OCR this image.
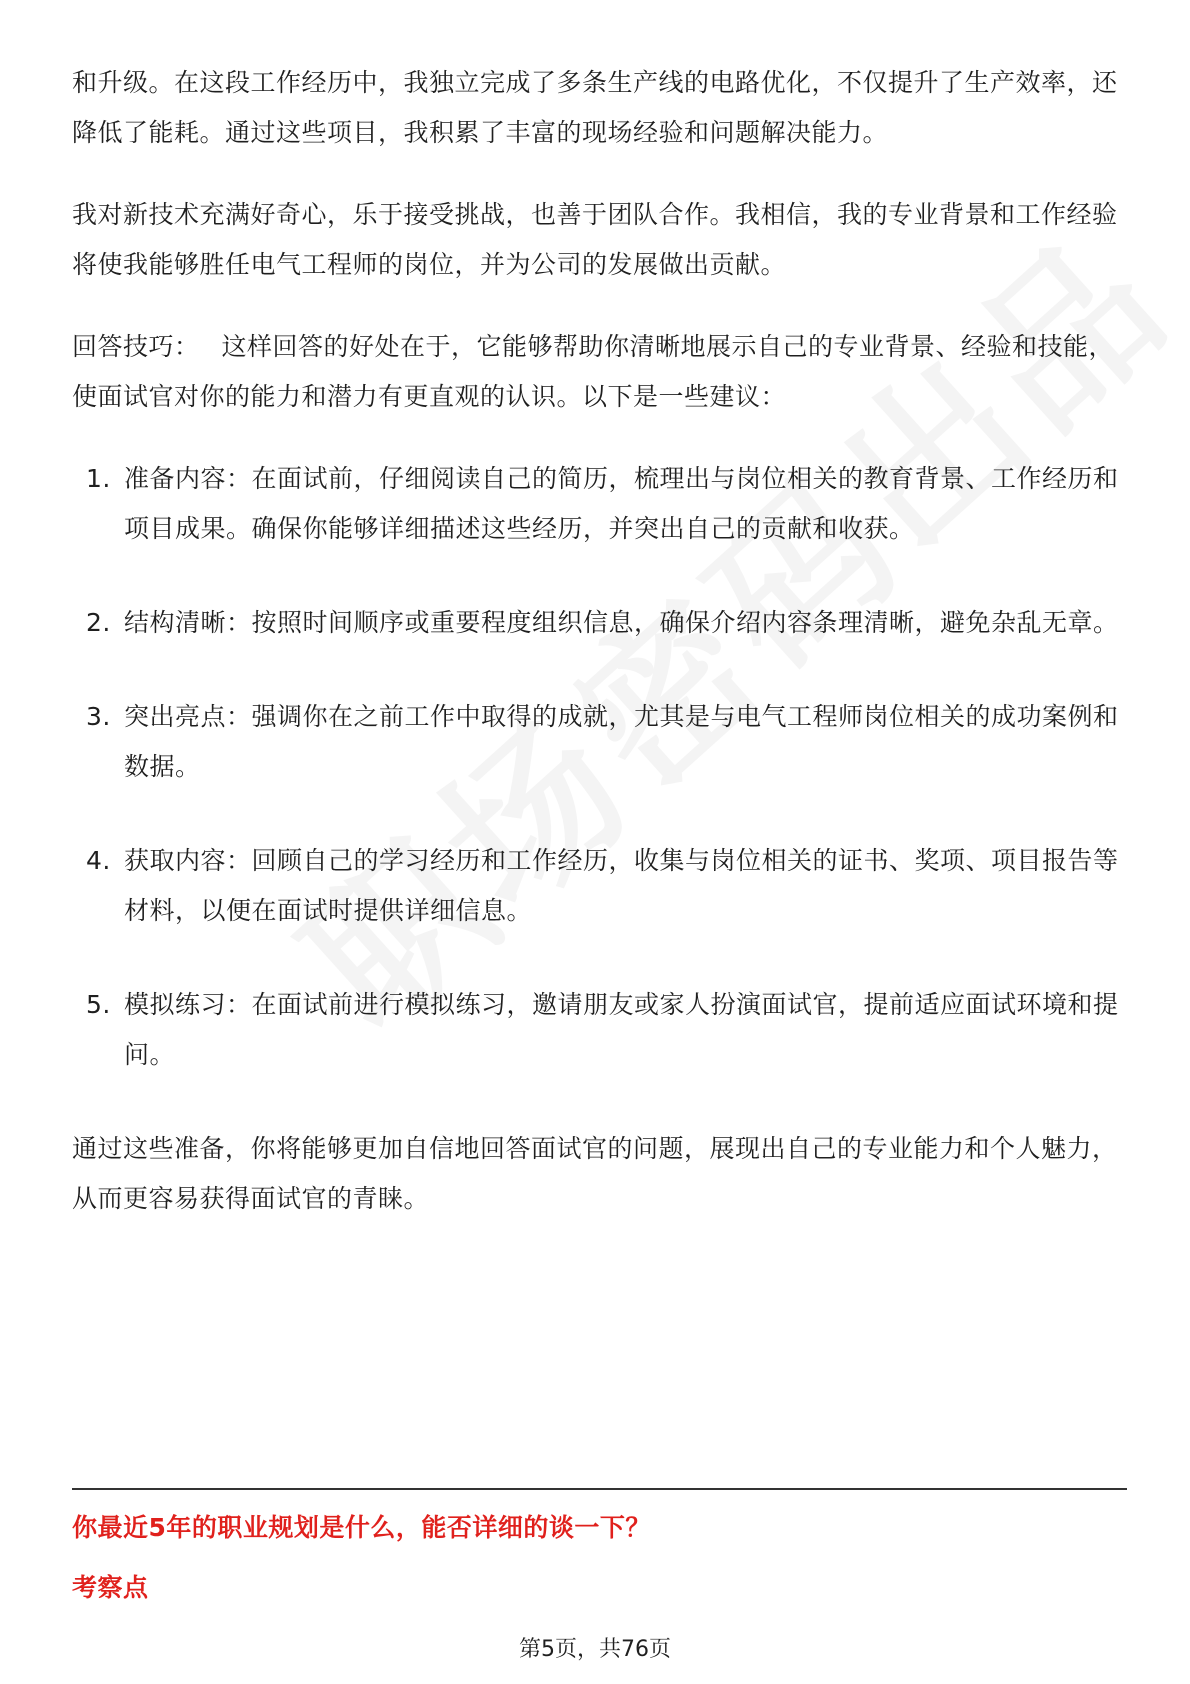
和升级。在这段工作经历中，我独立完成了多条生产线的电路优化，不仅提升了生产效率，还降低了能耗。通过这些项目，我积累了丰富的现场经验和问题解决能力。

我对新技术充满好奇心，乐于接受挑战，也善于团队合作。我相信，我的专业背景和工作经验将使我能够胜任电气工程师的岗位，并为公司的发展做出贡献。

回答技巧： 这样回答的好处在于，它能够帮助你清晰地展示自己的专业背景、经验和技能，使面试官对你的能力和潜力有更直观的认识。以下是一些建议：

1. 准备内容：在面试前，仔细阅读自己的简历，梳理出与岗位相关的教育背景、工作经历和项目成果。确保你能够详细描述这些经历，并突出自己的贡献和收获。
2. 结构清晰：按照时间顺序或重要程度组织信息，确保介绍内容条理清晰，避免杂乱无章。
3. 突出亮点：强调你在之前工作中取得的成就，尤其是与电气工程师岗位相关的成功案例和数据。
4. 获取内容：回顾自己的学习经历和工作经历，收集与岗位相关的证书、奖项、项目报告等材料，以便在面试时提供详细信息。
5. 模拟练习：在面试前进行模拟练习，邀请朋友或家人扮演面试官，提前适应面试环境和提问。

通过这些准备，你将能够更加自信地回答面试官的问题，展现出自己的专业能力和个人魅力，从而更容易获得面试官的青睐。

你最近5年的职业规划是什么，能否详细的谈一下？
考察点
第5页，共76页
